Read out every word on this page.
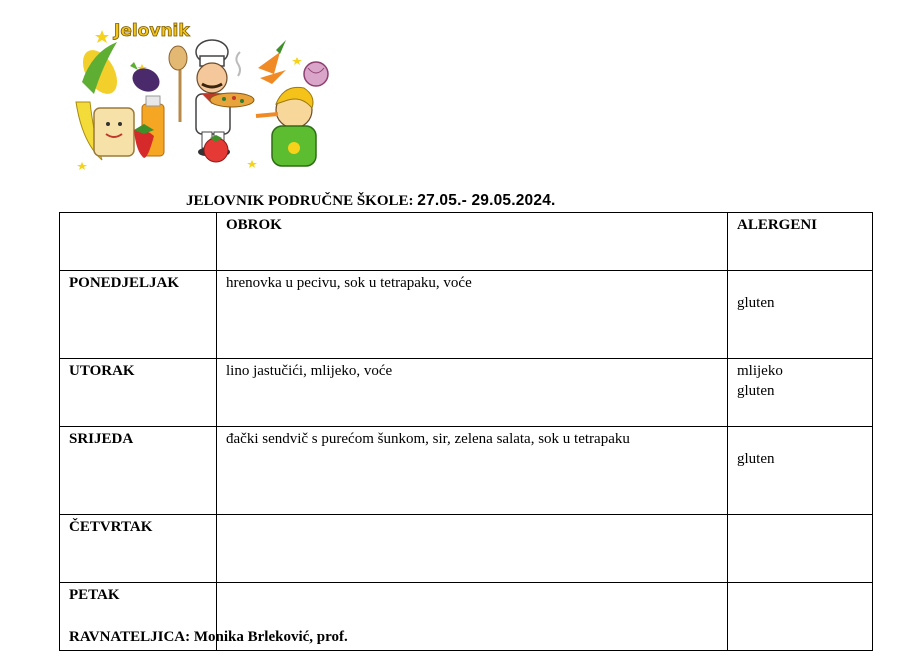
Jelovnik
JELOVNIK PODRUČNE ŠKOLE: 27.05.- 29.05.2024.
	OBROK	ALERGENI
PONEDJELJAK	hrenovka u pecivu, sok u tetrapaku, voće	gluten

UTORAK	lino jastučići, mlijeko, voće	mlijeko
gluten

SRIJEDA	đački sendvič s purećom šunkom, sir, zelena salata, sok u tetrapaku	gluten

ČETVRTAK		
PETAK		
RAVNATELJICA: Monika Brleković, prof.
